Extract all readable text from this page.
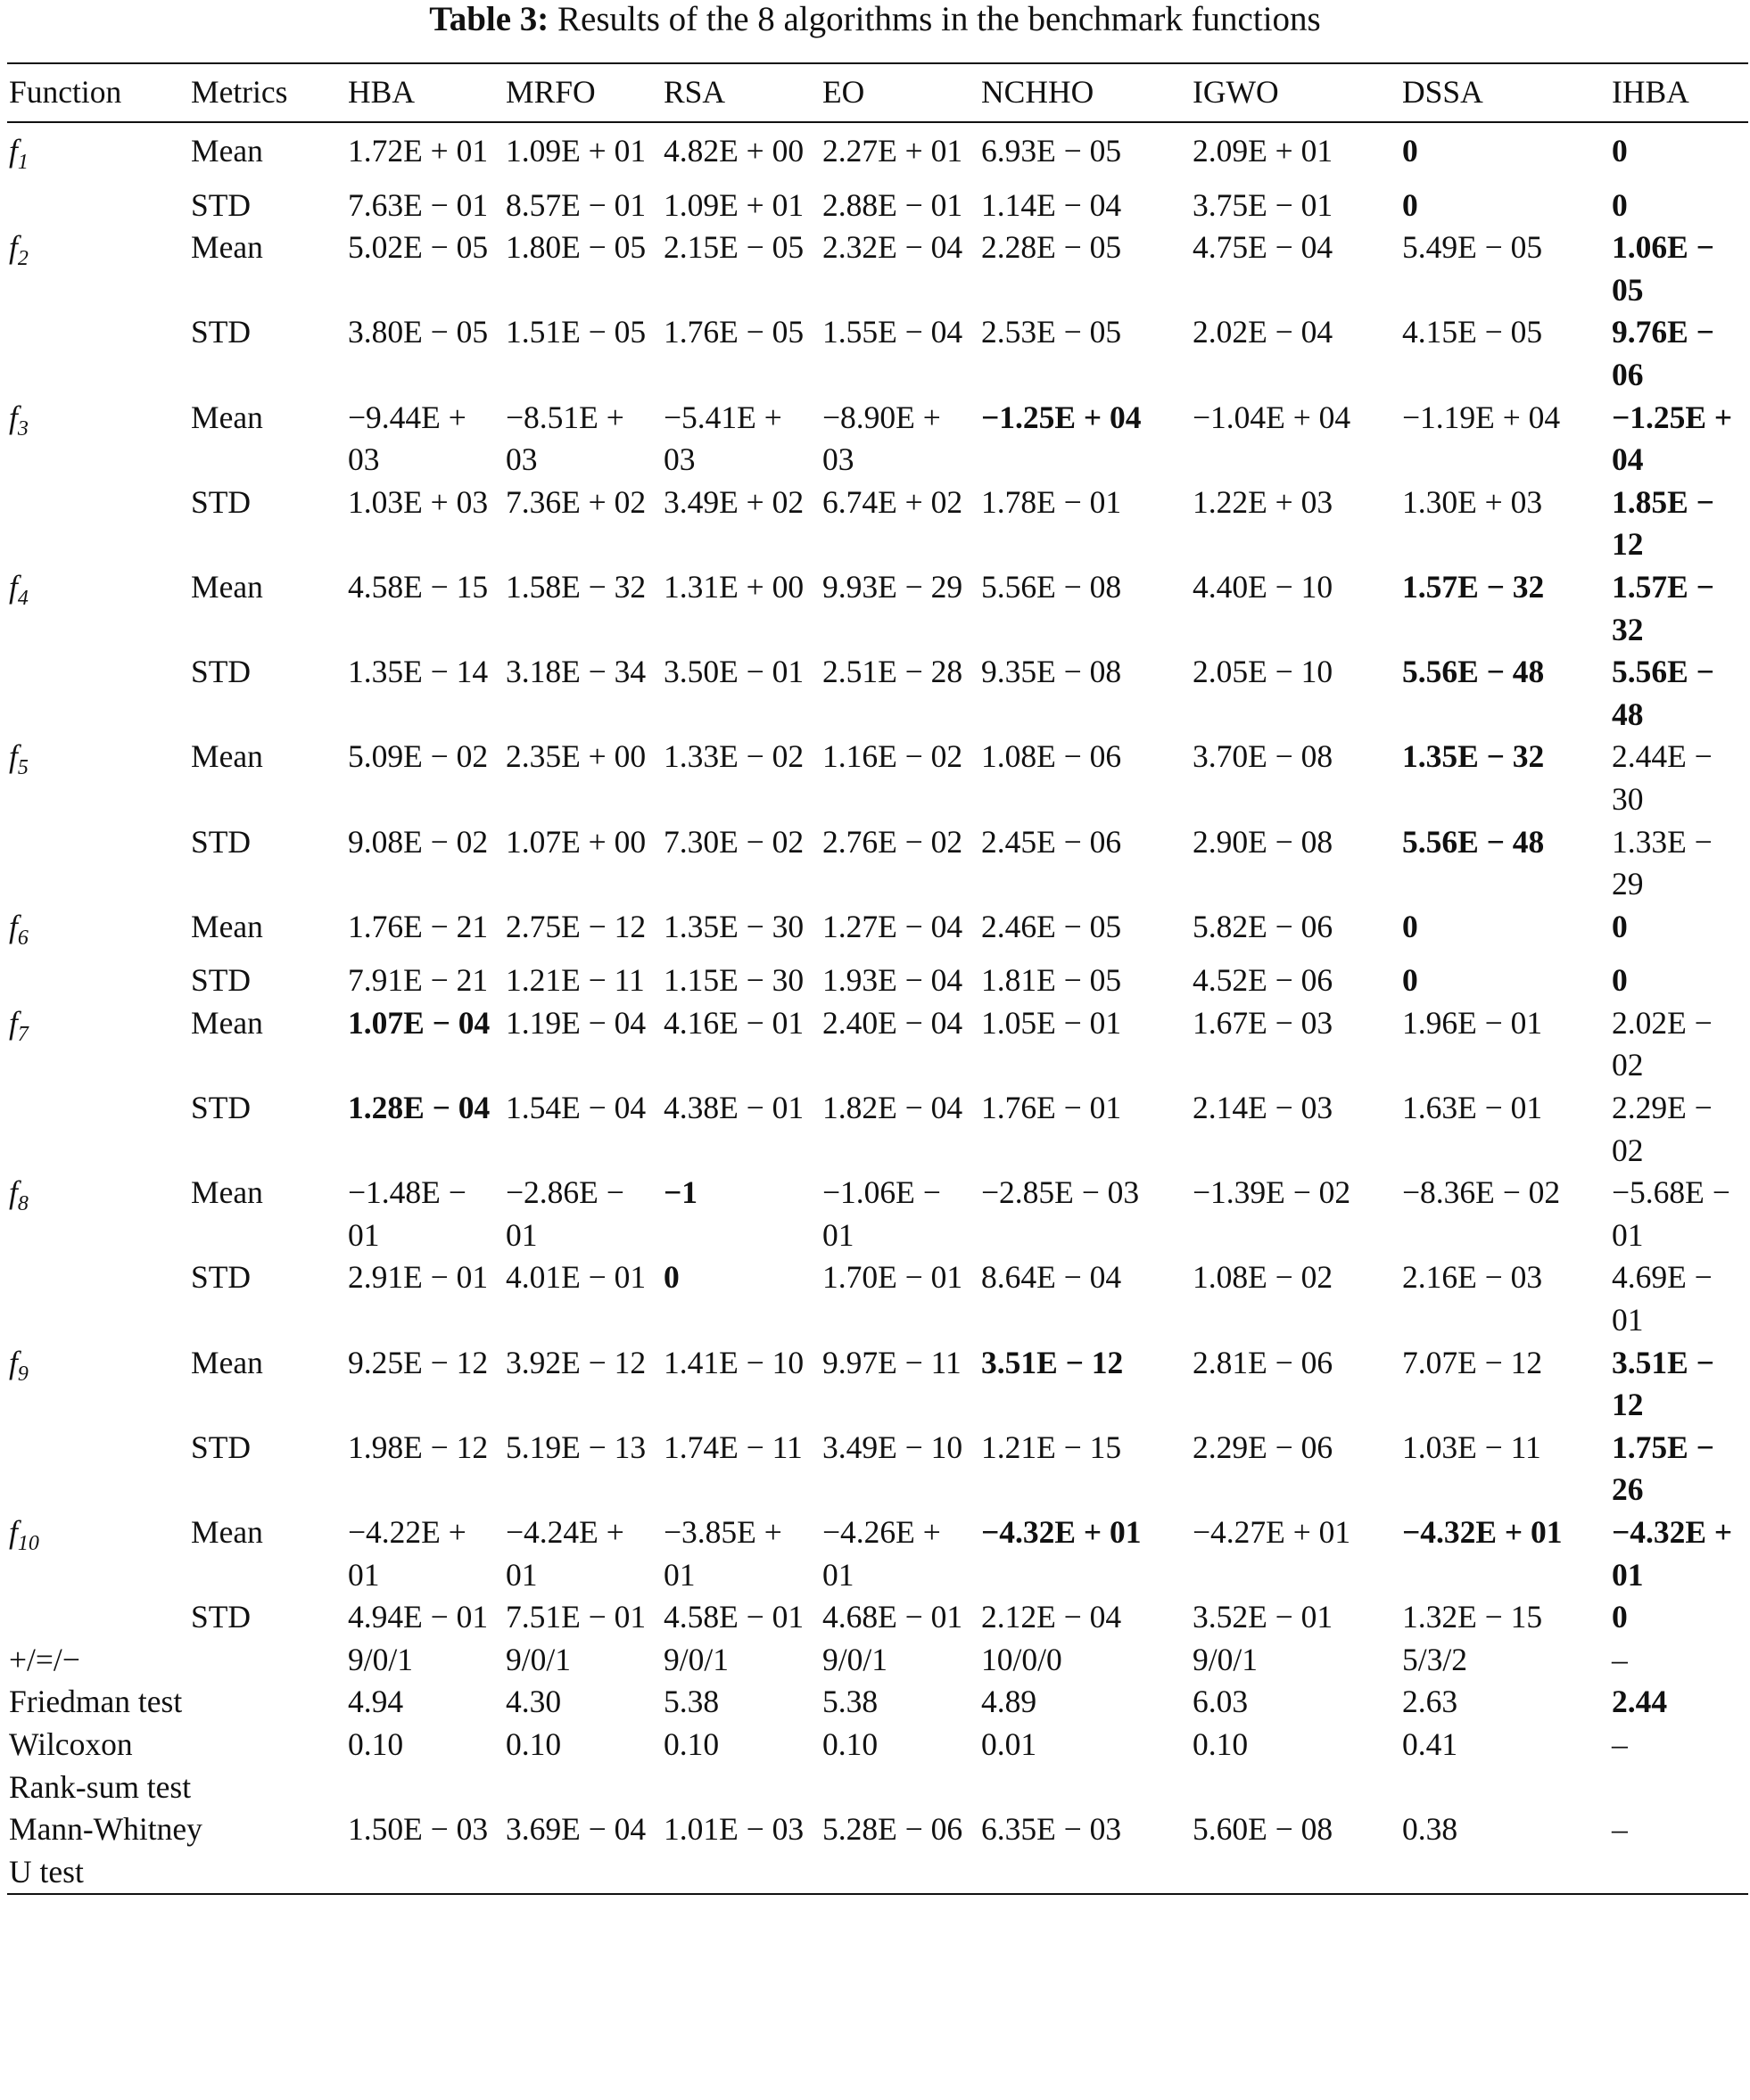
Table 3: Results of the 8 algorithms in the benchmark functions
Function	Metrics	HBA	MRFO	RSA	EO	NCHHO	IGWO	DSSA	IHBA
$f_1$	Mean	1.72E + 01	1.09E + 01	4.82E + 00	2.27E + 01	6.93E − 05	2.09E + 01	0	0
	STD	7.63E − 01	8.57E − 01	1.09E + 01	2.88E − 01	1.14E − 04	3.75E − 01	0	0
$f_2$	Mean	5.02E − 05	1.80E − 05	2.15E − 05	2.32E − 04	2.28E − 05	4.75E − 04	5.49E − 05	1.06E − 05
	STD	3.80E − 05	1.51E − 05	1.76E − 05	1.55E − 04	2.53E − 05	2.02E − 04	4.15E − 05	9.76E − 06
$f_3$	Mean	−9.44E + 03	−8.51E + 03	−5.41E + 03	−8.90E + 03	−1.25E + 04	−1.04E + 04	−1.19E + 04	−1.25E + 04
	STD	1.03E + 03	7.36E + 02	3.49E + 02	6.74E + 02	1.78E − 01	1.22E + 03	1.30E + 03	1.85E − 12
$f_4$	Mean	4.58E − 15	1.58E − 32	1.31E + 00	9.93E − 29	5.56E − 08	4.40E − 10	1.57E − 32	1.57E − 32
	STD	1.35E − 14	3.18E − 34	3.50E − 01	2.51E − 28	9.35E − 08	2.05E − 10	5.56E − 48	5.56E − 48
$f_5$	Mean	5.09E − 02	2.35E + 00	1.33E − 02	1.16E − 02	1.08E − 06	3.70E − 08	1.35E − 32	2.44E − 30
	STD	9.08E − 02	1.07E + 00	7.30E − 02	2.76E − 02	2.45E − 06	2.90E − 08	5.56E − 48	1.33E − 29
$f_6$	Mean	1.76E − 21	2.75E − 12	1.35E − 30	1.27E − 04	2.46E − 05	5.82E − 06	0	0
	STD	7.91E − 21	1.21E − 11	1.15E − 30	1.93E − 04	1.81E − 05	4.52E − 06	0	0
$f_7$	Mean	1.07E − 04	1.19E − 04	4.16E − 01	2.40E − 04	1.05E − 01	1.67E − 03	1.96E − 01	2.02E − 02
	STD	1.28E − 04	1.54E − 04	4.38E − 01	1.82E − 04	1.76E − 01	2.14E − 03	1.63E − 01	2.29E − 02
$f_8$	Mean	−1.48E − 01	−2.86E − 01	−1	−1.06E − 01	−2.85E − 03	−1.39E − 02	−8.36E − 02	−5.68E − 01
	STD	2.91E − 01	4.01E − 01	0	1.70E − 01	8.64E − 04	1.08E − 02	2.16E − 03	4.69E − 01
$f_9$	Mean	9.25E − 12	3.92E − 12	1.41E − 10	9.97E − 11	3.51E − 12	2.81E − 06	7.07E − 12	3.51E − 12
	STD	1.98E − 12	5.19E − 13	1.74E − 11	3.49E − 10	1.21E − 15	2.29E − 06	1.03E − 11	1.75E − 26
$f_{10}$	Mean	−4.22E + 01	−4.24E + 01	−3.85E + 01	−4.26E + 01	−4.32E + 01	−4.27E + 01	−4.32E + 01	−4.32E + 01
	STD	4.94E − 01	7.51E − 01	4.58E − 01	4.68E − 01	2.12E − 04	3.52E − 01	1.32E − 15	0
+/=/−		9/0/1	9/0/1	9/0/1	9/0/1	10/0/0	9/0/1	5/3/2	–
Friedman test		4.94	4.30	5.38	5.38	4.89	6.03	2.63	2.44
Wilcoxon Rank-sum test		0.10	0.10	0.10	0.10	0.01	0.10	0.41	–
Mann-Whitney U test		1.50E − 03	3.69E − 04	1.01E − 03	5.28E − 06	6.35E − 03	5.60E − 08	0.38	–
